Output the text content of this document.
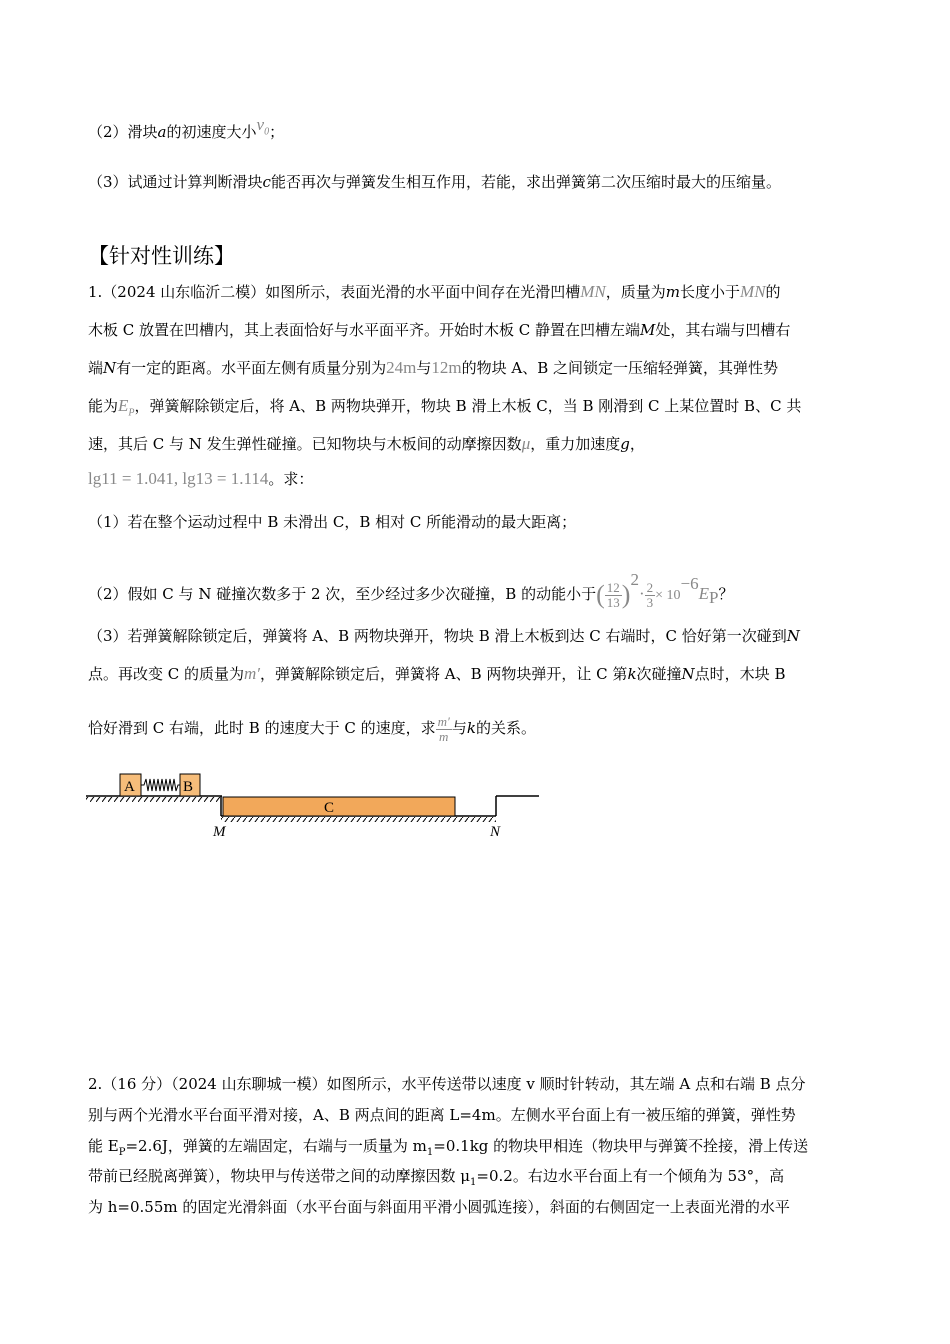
（2）滑块a的初速度大小$v_0$；
（3）试通过计算判断滑块c能否再次与弹簧发生相互作用，若能，求出弹簧第二次压缩时最大的压缩量。
【针对性训练】
1.（2024 山东临沂二模）如图所示，表面光滑的水平面中间存在光滑凹槽MN，质量为m长度小于MN的
木板 C 放置在凹槽内，其上表面恰好与水平面平齐。开始时木板 C 静置在凹槽左端M处，其右端与凹槽右
端N有一定的距离。水平面左侧有质量分别为24m与12m的物块 A、B 之间锁定一压缩轻弹簧，其弹性势
能为$E_P$，弹簧解除锁定后，将 A、B 两物块弹开，物块 B 滑上木板 C，当 B 刚滑到 C 上某位置时 B、C 共
速，其后 C 与 N 发生弹性碰撞。已知物块与木板间的动摩擦因数μ，重力加速度g，
lg11 = 1.041, lg13 = 1.114。求：
（1）若在整个运动过程中 B 未滑出 C，B 相对 C 所能滑动的最大距离；
（2）假如 C 与 N 碰撞次数多于 2 次，至少经过多少次碰撞，B 的动能小于( $\frac{12}{13} )^2\cdot \frac{2}{3} \times 10^{-6}E_P$？
（3）若弹簧解除锁定后，弹簧将 A、B 两物块弹开，物块 B 滑上木板到达 C 右端时，C 恰好第一次碰到N
点。再改变 C 的质量为m′，弹簧解除锁定后，弹簧将 A、B 两物块弹开，让 C 第k次碰撞N点时，木块 B
恰好滑到 C 右端，此时 B 的速度大于 C 的速度，求 $\frac{m'}{m}$ 与k的关系。
C
A	B
M	N
2.（16 分）（2024 山东聊城一模）如图所示，水平传送带以速度 v 顺时针转动，其左端 A 点和右端 B 点分
别与两个光滑水平台面平滑对接，A、B 两点间的距离 L=4m。左侧水平台面上有一被压缩的弹簧，弹性势
能 $E_P=2.6J$，弹簧的左端固定，右端与一质量为 $m_1=0.1kg$ 的物块甲相连（物块甲与弹簧不拴接，滑上传送
带前已经脱离弹簧），物块甲与传送带之间的动摩擦因数 $\mu_1=0.2$。右边水平台面上有一个倾角为 53°，高
为 h=0.55m 的固定光滑斜面（水平台面与斜面用平滑小圆弧连接），斜面的右侧固定一上表面光滑的水平
